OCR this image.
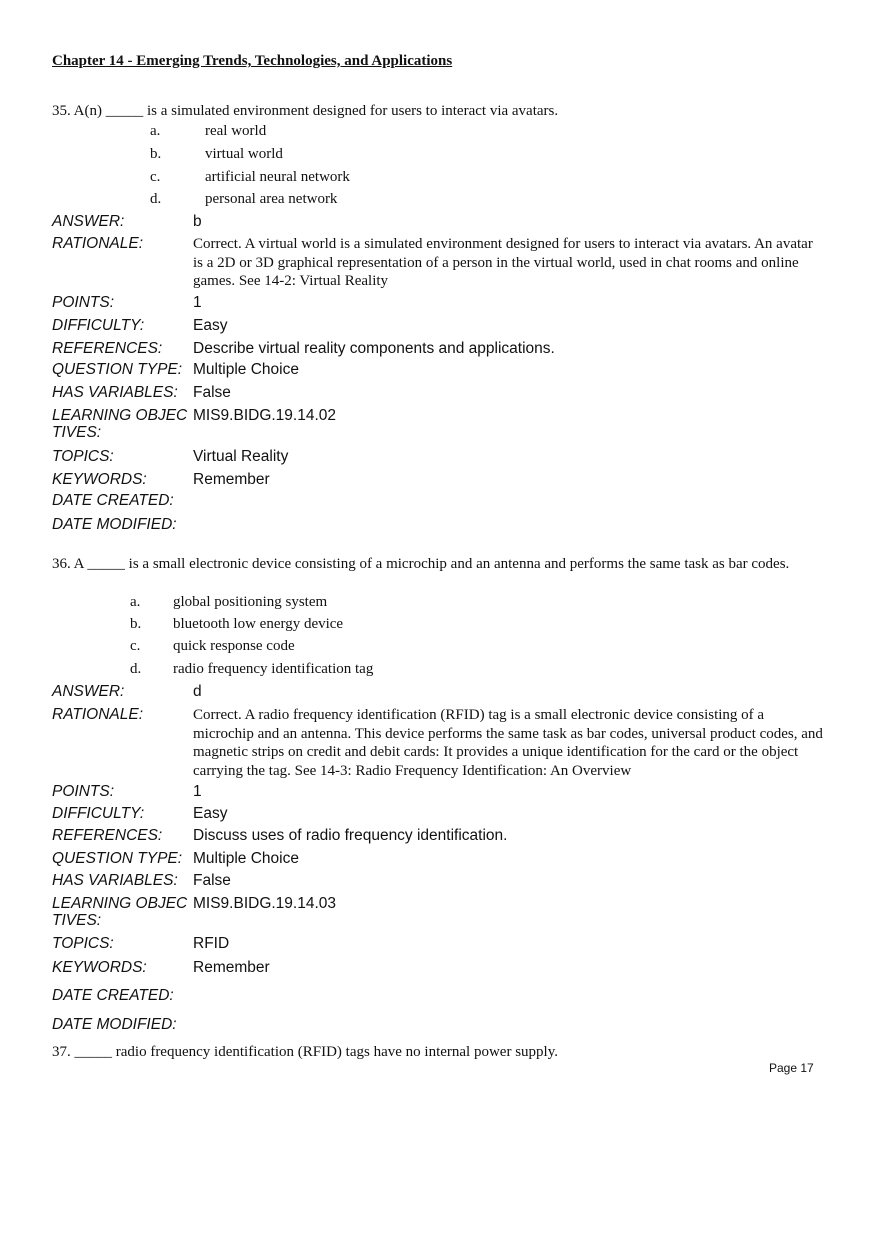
Chapter 14 - Emerging Trends, Technologies, and Applications
35. A(n) _____ is a simulated environment designed for users to interact via avatars.
a.	real world
b.	virtual world
c.	artificial neural network
d.	personal area network
ANSWER:	b
RATIONALE:	Correct. A virtual world is a simulated environment designed for users to interact via avatars. An avatar is a 2D or 3D graphical representation of a person in the virtual world, used in chat rooms and online games. See 14-2: Virtual Reality
POINTS:	1
DIFFICULTY:	Easy
REFERENCES: Describe virtual reality components and applications.
QUESTION TYPE: Multiple Choice
HAS VARIABLES: False
LEARNING OBJEC TIVES:
MIS9.BIDG.19.14.02
TOPICS:	Virtual Reality
KEYWORDS:	Remember
DATE CREATED:
DATE MODIFIED:
36. A _____ is a small electronic device consisting of a microchip and an antenna and performs the same task as bar codes.
a. global positioning system
b. bluetooth low energy device
c. quick response code
d. radio frequency identification tag
ANSWER:	d
RATIONALE:	Correct. A radio frequency identification (RFID) tag is a small electronic device consisting of a microchip and an antenna. This device performs the same task as bar codes, universal product codes, and magnetic strips on credit and debit cards: It provides a unique identification for the card or the object carrying the tag. See 14-3: Radio Frequency Identification: An Overview
POINTS:	1
DIFFICULTY:	Easy
REFERENCES: Discuss uses of radio frequency identification.
QUESTION TYPE: Multiple Choice
HAS VARIABLES: False
LEARNING OBJEC TIVES:
MIS9.BIDG.19.14.03
TOPICS:	RFID
KEYWORDS:	Remember
DATE CREATED:
DATE MODIFIED:
37. _____ radio frequency identification (RFID) tags have no internal power supply.
Page 17
